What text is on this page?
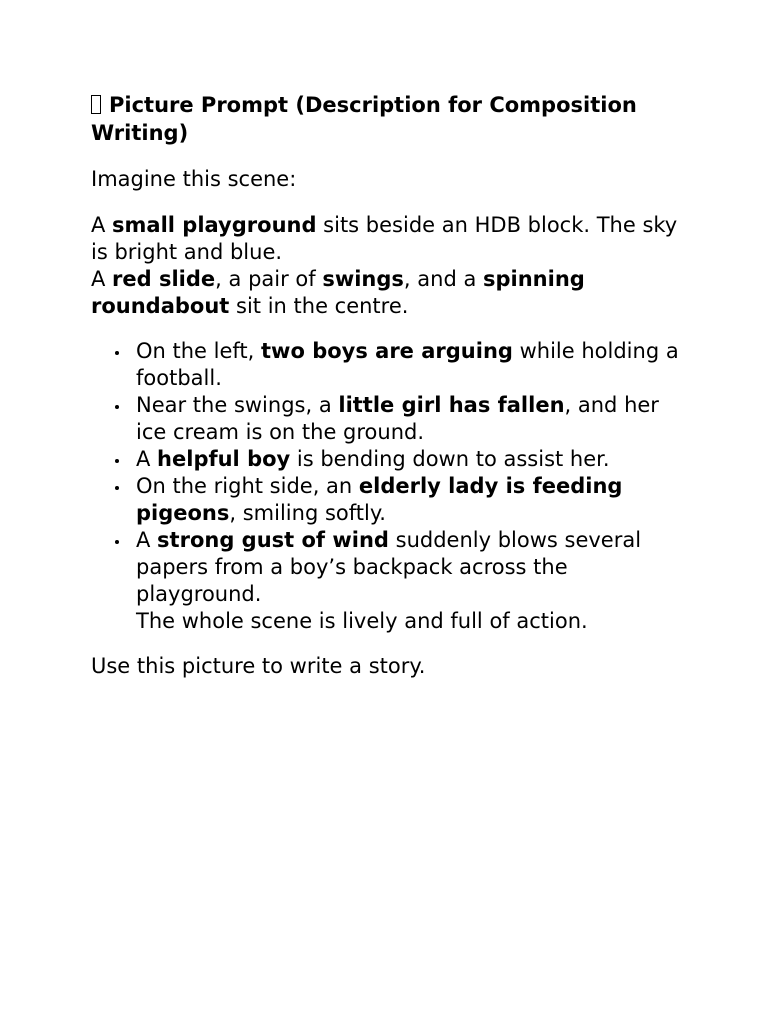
Picture Prompt (Description for Composition Writing)

Imagine this scene:

A small playground sits beside an HDB block. The sky is bright and blue.
A red slide, a pair of swings, and a spinning roundabout sit in the centre.

On the left, two boys are arguing while holding a football.
Near the swings, a little girl has fallen, and her ice cream is on the ground.
A helpful boy is bending down to assist her.
On the right side, an elderly lady is feeding pigeons, smiling softly.
A strong gust of wind suddenly blows several papers from a boy’s backpack across the playground.
The whole scene is lively and full of action.

Use this picture to write a story.
